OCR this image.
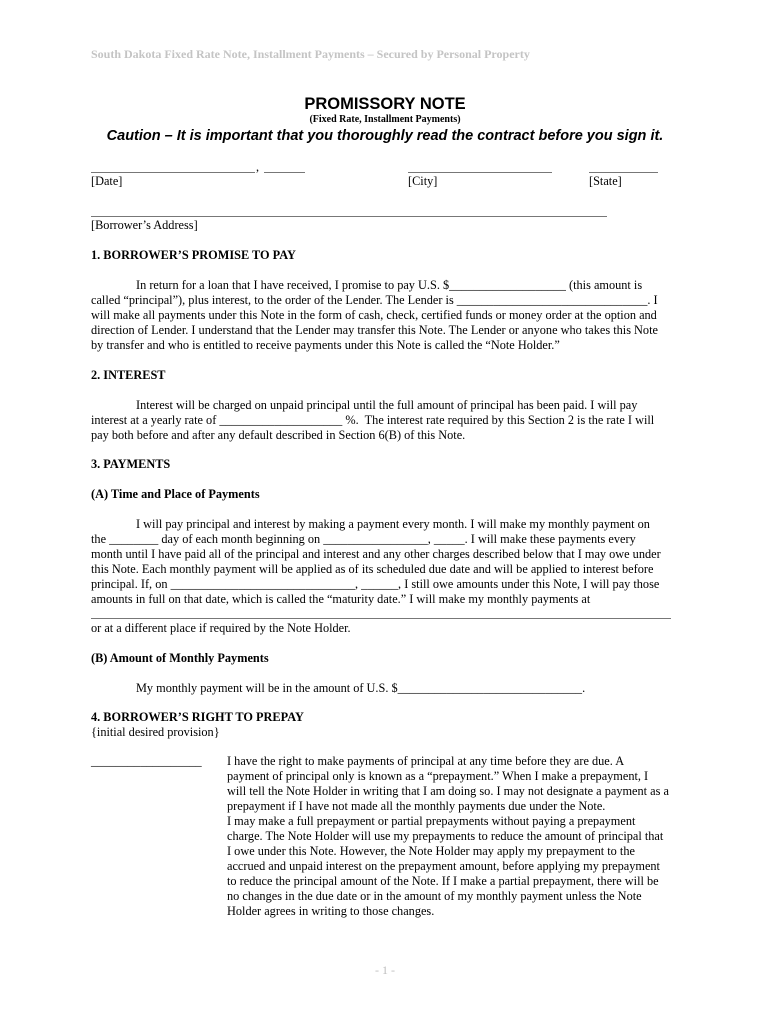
South Dakota Fixed Rate Note, Installment Payments – Secured by Personal Property
PROMISSORY NOTE
(Fixed Rate, Installment Payments)
Caution – It is important that you thoroughly read the contract before you sign it.
,
[Date]	[City]	[State]
[Borrower’s Address]
1. BORROWER’S PROMISE TO PAY
In return for a loan that I have received, I promise to pay U.S. $___________________ (this amount is
called “principal”), plus interest, to the order of the Lender. The Lender is _______________________________. I
will make all payments under this Note in the form of cash, check, certified funds or money order at the option and
direction of Lender. I understand that the Lender may transfer this Note. The Lender or anyone who takes this Note
by transfer and who is entitled to receive payments under this Note is called the “Note Holder.”
2. INTEREST
Interest will be charged on unpaid principal until the full amount of principal has been paid. I will pay
interest at a yearly rate of ____________________ %.  The interest rate required by this Section 2 is the rate I will
pay both before and after any default described in Section 6(B) of this Note.
3. PAYMENTS
(A) Time and Place of Payments
I will pay principal and interest by making a payment every month. I will make my monthly payment on
the ________ day of each month beginning on _________________, _____. I will make these payments every
month until I have paid all of the principal and interest and any other charges described below that I may owe under
this Note. Each monthly payment will be applied as of its scheduled due date and will be applied to interest before
principal. If, on ______________________________, ______, I still owe amounts under this Note, I will pay those
amounts in full on that date, which is called the “maturity date.” I will make my monthly payments at
or at a different place if required by the Note Holder.
(B) Amount of Monthly Payments
My monthly payment will be in the amount of U.S. $______________________________.
4. BORROWER’S RIGHT TO PREPAY
{initial desired provision}
__________________ I have the right to make payments of principal at any time before they are due. A
payment of principal only is known as a “prepayment.” When I make a prepayment, I
will tell the Note Holder in writing that I am doing so. I may not designate a payment as a
prepayment if I have not made all the monthly payments due under the Note.
I may make a full prepayment or partial prepayments without paying a prepayment
charge. The Note Holder will use my prepayments to reduce the amount of principal that
I owe under this Note. However, the Note Holder may apply my prepayment to the
accrued and unpaid interest on the prepayment amount, before applying my prepayment
to reduce the principal amount of the Note. If I make a partial prepayment, there will be
no changes in the due date or in the amount of my monthly payment unless the Note
Holder agrees in writing to those changes.
- 1 -
